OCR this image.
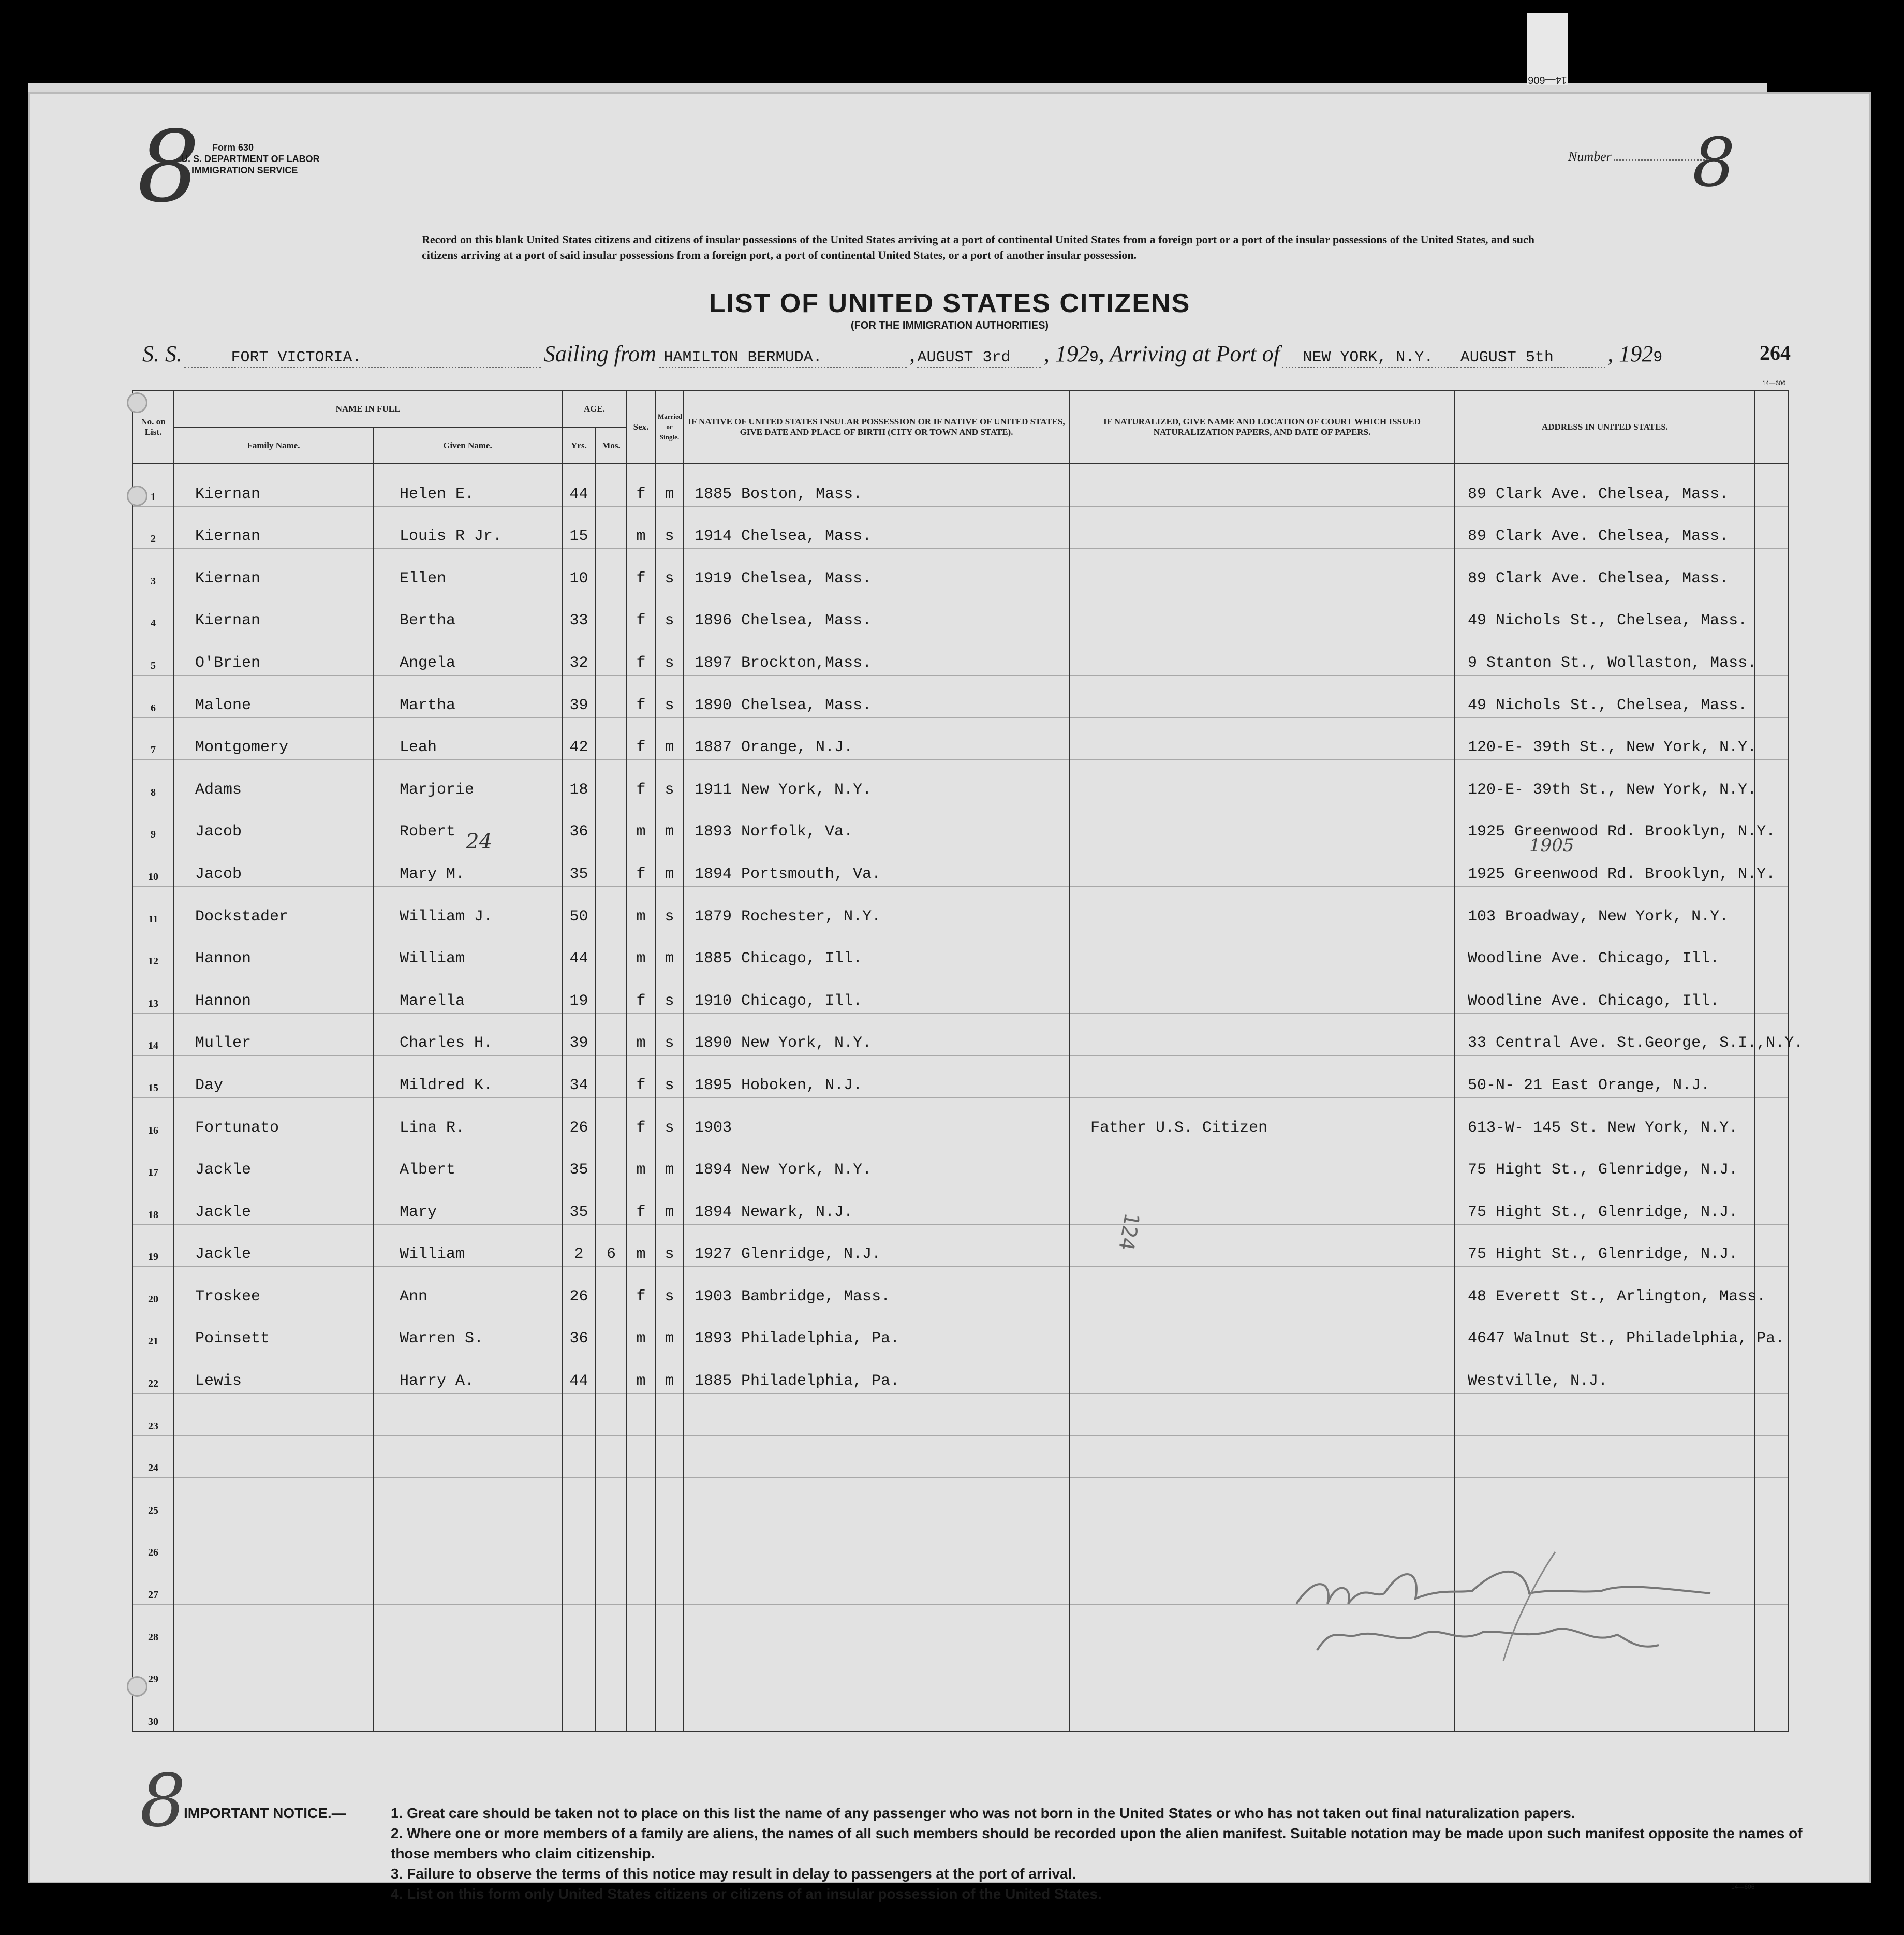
14—606
8	Form 630
U. S. DEPARTMENT OF LABOR
IMMIGRATION SERVICE
Record on this blank United States citizens and citizens of insular possessions of the United States arriving at a port of continental United States from a foreign port or a port of the insular possessions of the United States, and such citizens arriving at a port of said insular possessions from a foreign port, a port of continental United States, or a port of another insular possession.
Number 8
LIST OF UNITED STATES CITIZENS
(FOR THE IMMIGRATION AUTHORITIES)
S. S.	FORT VICTORIA.	Sailing from HAMILTON BERMUDA.	, AUGUST 3rd , 1929, Arriving at Port of NEW YORK, N.Y. AUGUST 5th , 1929	264
14—606
No. on List.	NAME IN FULL		AGE.		Sex.	Married or Single.	IF NATIVE OF UNITED STATES INSULAR POSSESSION OR IF NATIVE OF UNITED STATES, GIVE DATE AND PLACE OF BIRTH (CITY OR TOWN AND STATE).	IF NATURALIZED, GIVE NAME AND LOCATION OF COURT WHICH ISSUED NATURALIZATION PAPERS, AND DATE OF PAPERS.	ADDRESS IN UNITED STATES.	
	Family Name.	Given Name.	Yrs.	Mos.						
1	Kiernan	Helen E.	44		f	m	1885 Boston, Mass.		89 Clark Ave. Chelsea, Mass.	
2	Kiernan	Louis R Jr.	15		m	s	1914 Chelsea, Mass.		89 Clark Ave. Chelsea, Mass.	
3	Kiernan	Ellen	10		f	s	1919 Chelsea, Mass.		89 Clark Ave. Chelsea, Mass.	
4	Kiernan	Bertha	33		f	s	1896 Chelsea, Mass.		49 Nichols St., Chelsea, Mass.	
5	O'Brien	Angela	32		f	s	1897 Brockton,Mass.		9 Stanton St., Wollaston, Mass.	
6	Malone	Martha	39		f	s	1890 Chelsea, Mass.		49 Nichols St., Chelsea, Mass.	
7	Montgomery	Leah	42		f	m	1887 Orange, N.J.		120-E- 39th St., New York, N.Y.	
8	Adams	Marjorie	18		f	s	1911 New York, N.Y.		120-E- 39th St., New York, N.Y.	
9	Jacob	Robert	36		m	m	1893 Norfolk, Va.		1925 Greenwood Rd. Brooklyn, N.Y.	
10	Jacob	Mary M.	35		f	m	1894 Portsmouth, Va.		1925 Greenwood Rd. Brooklyn, N.Y.	
11	Dockstader	William J.	50		m	s	1879 Rochester, N.Y.		103 Broadway, New York, N.Y.	
12	Hannon	William	44		m	m	1885 Chicago, Ill.		Woodline Ave. Chicago, Ill.	
13	Hannon	Marella	19		f	s	1910 Chicago, Ill.		Woodline Ave. Chicago, Ill.	
14	Muller	Charles H.	39		m	s	1890 New York, N.Y.		33 Central Ave. St.George, S.I.,N.Y.	
15	Day	Mildred K.	34		f	s	1895 Hoboken, N.J.		50-N- 21 East Orange, N.J.	
16	Fortunato	Lina R.	26		f	s	1903	Father U.S. Citizen	613-W- 145 St. New York, N.Y.	
17	Jackle	Albert	35		m	m	1894 New York, N.Y.		75 Hight St., Glenridge, N.J.	
18	Jackle	Mary	35		f	m	1894 Newark, N.J.		75 Hight St., Glenridge, N.J.	
19	Jackle	William	2	6	m	s	1927 Glenridge, N.J.		75 Hight St., Glenridge, N.J.	
20	Troskee	Ann	26		f	s	1903 Bambridge, Mass.		48 Everett St., Arlington, Mass.	
21	Poinsett	Warren S.	36		m	m	1893 Philadelphia, Pa.		4647 Walnut St., Philadelphia, Pa.	
22	Lewis	Harry A.	44		m	m	1885 Philadelphia, Pa.		Westville, N.J.	
23										
24										
25										
26										
27										
28										
29										
30										
1905
24
124
8
IMPORTANT NOTICE.—	1. Great care should be taken not to place on this list the name of any passenger who was not born in the United States or who has not taken out final naturalization papers.
2. Where one or more members of a family are aliens, the names of all such members should be recorded upon the alien manifest. Suitable notation may be made upon such manifest opposite the names of those members who claim citizenship.
3. Failure to observe the terms of this notice may result in delay to passengers at the port of arrival.
4. List on this form only United States citizens or citizens of an insular possession of the United States.	14—606
